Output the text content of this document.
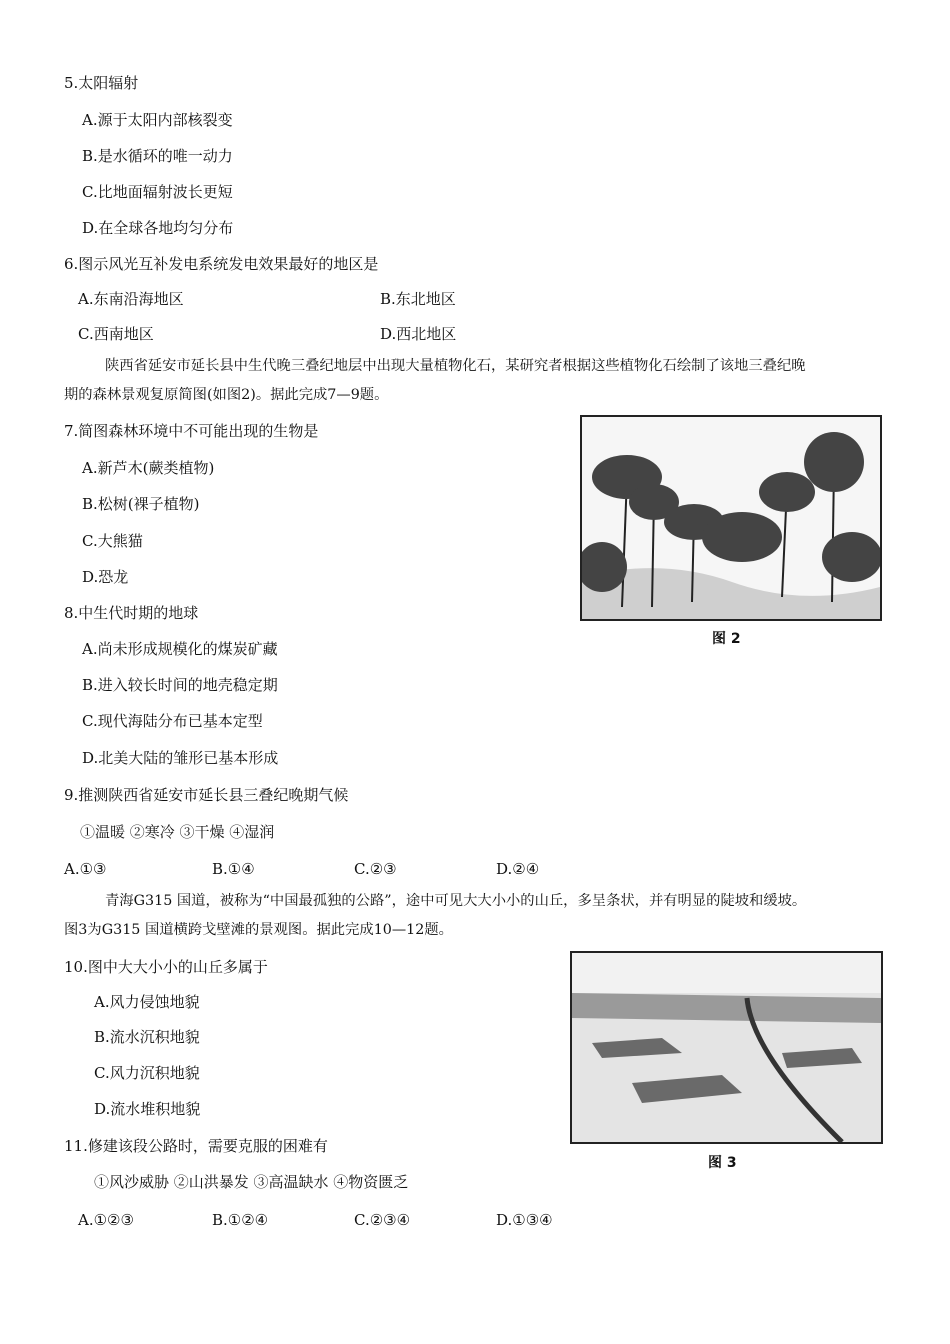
5.太阳辐射
A.源于太阳内部核裂变
B.是水循环的唯一动力
C.比地面辐射波长更短
D.在全球各地均匀分布
6.图示风光互补发电系统发电效果最好的地区是
A.东南沿海地区	B.东北地区
C.西南地区	D.西北地区
陕西省延安市延长县中生代晚三叠纪地层中出现大量植物化石，某研究者根据这些植物化石绘制了该地三叠纪晚
期的森林景观复原简图(如图2)。据此完成7—9题。
7.简图森林环境中不可能出现的生物是
A.新芦木(蕨类植物)
B.松树(裸子植物)
C.大熊猫
D.恐龙
图 2
8.中生代时期的地球
A.尚未形成规模化的煤炭矿藏
B.进入较长时间的地壳稳定期
C.现代海陆分布已基本定型
D.北美大陆的雏形已基本形成
9.推测陕西省延安市延长县三叠纪晚期气候
①温暖 ②寒冷 ③干燥 ④湿润
A.①③	B.①④	C.②③	D.②④
青海G315 国道，被称为“中国最孤独的公路”，途中可见大大小小的山丘，多呈条状，并有明显的陡坡和缓坡。
图3为G315 国道横跨戈壁滩的景观图。据此完成10—12题。
10.图中大大小小的山丘多属于
A.风力侵蚀地貌
B.流水沉积地貌
C.风力沉积地貌
D.流水堆积地貌
图 3
11.修建该段公路时，需要克服的困难有
①风沙威胁 ②山洪暴发 ③高温缺水 ④物资匮乏
A.①②③	B.①②④	C.②③④	D.①③④
